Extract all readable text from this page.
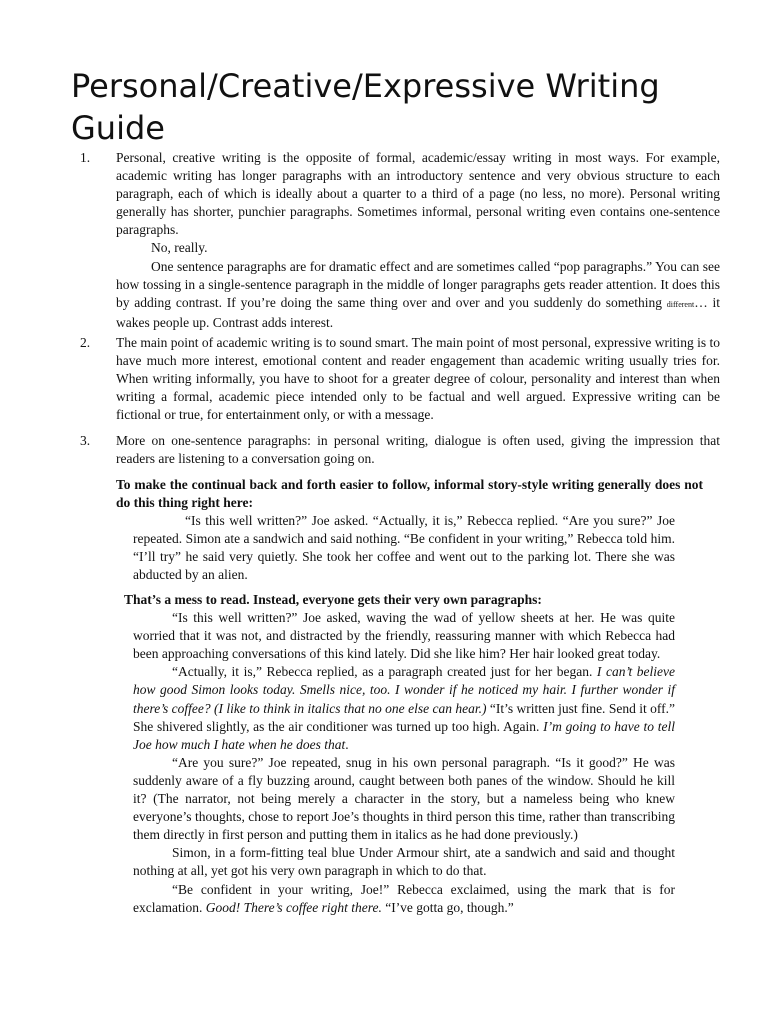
Personal/Creative/Expressive Writing Guide
1. Personal, creative writing is the opposite of formal, academic/essay writing in most ways. For example, academic writing has longer paragraphs with an introductory sentence and very obvious structure to each paragraph, each of which is ideally about a quarter to a third of a page (no less, no more). Personal writing generally has shorter, punchier paragraphs. Sometimes informal, personal writing even contains one-sentence paragraphs.

No, really.

One sentence paragraphs are for dramatic effect and are sometimes called “pop paragraphs.” You can see how tossing in a single-sentence paragraph in the middle of longer paragraphs gets reader attention. It does this by adding contrast. If you’re doing the same thing over and over and you suddenly do something different… it wakes people up. Contrast adds interest.

2. The main point of academic writing is to sound smart. The main point of most personal, expressive writing is to have much more interest, emotional content and reader engagement than academic writing usually tries for. When writing informally, you have to shoot for a greater degree of colour, personality and interest than when writing a formal, academic piece intended only to be factual and well argued. Expressive writing can be fictional or true, for entertainment only, or with a message.

3. More on one-sentence paragraphs: in personal writing, dialogue is often used, giving the impression that readers are listening to a conversation going on.

To make the continual back and forth easier to follow, informal story-style writing generally does not do this thing right here:

“Is this well written?” Joe asked. “Actually, it is,” Rebecca replied. “Are you sure?” Joe repeated. Simon ate a sandwich and said nothing. “Be confident in your writing,” Rebecca told him. “I’ll try” he said very quietly. She took her coffee and went out to the parking lot. There she was abducted by an alien.

That’s a mess to read. Instead, everyone gets their very own paragraphs:

“Is this well written?” Joe asked, waving the wad of yellow sheets at her. He was quite worried that it was not, and distracted by the friendly, reassuring manner with which Rebecca had been approaching conversations of this kind lately. Did she like him? Her hair looked great today.

“Actually, it is,” Rebecca replied, as a paragraph created just for her began. I can’t believe how good Simon looks today. Smells nice, too. I wonder if he noticed my hair. I further wonder if there’s coffee? (I like to think in italics that no one else can hear.) “It’s written just fine. Send it off.” She shivered slightly, as the air conditioner was turned up too high. Again. I’m going to have to tell Joe how much I hate when he does that.

“Are you sure?” Joe repeated, snug in his own personal paragraph. “Is it good?” He was suddenly aware of a fly buzzing around, caught between both panes of the window. Should he kill it? (The narrator, not being merely a character in the story, but a nameless being who knew everyone’s thoughts, chose to report Joe’s thoughts in third person this time, rather than transcribing them directly in first person and putting them in italics as he had done previously.)

Simon, in a form-fitting teal blue Under Armour shirt, ate a sandwich and said and thought nothing at all, yet got his very own paragraph in which to do that.

“Be confident in your writing, Joe!” Rebecca exclaimed, using the mark that is for exclamation. Good! There’s coffee right there. “I’ve gotta go, though.”
